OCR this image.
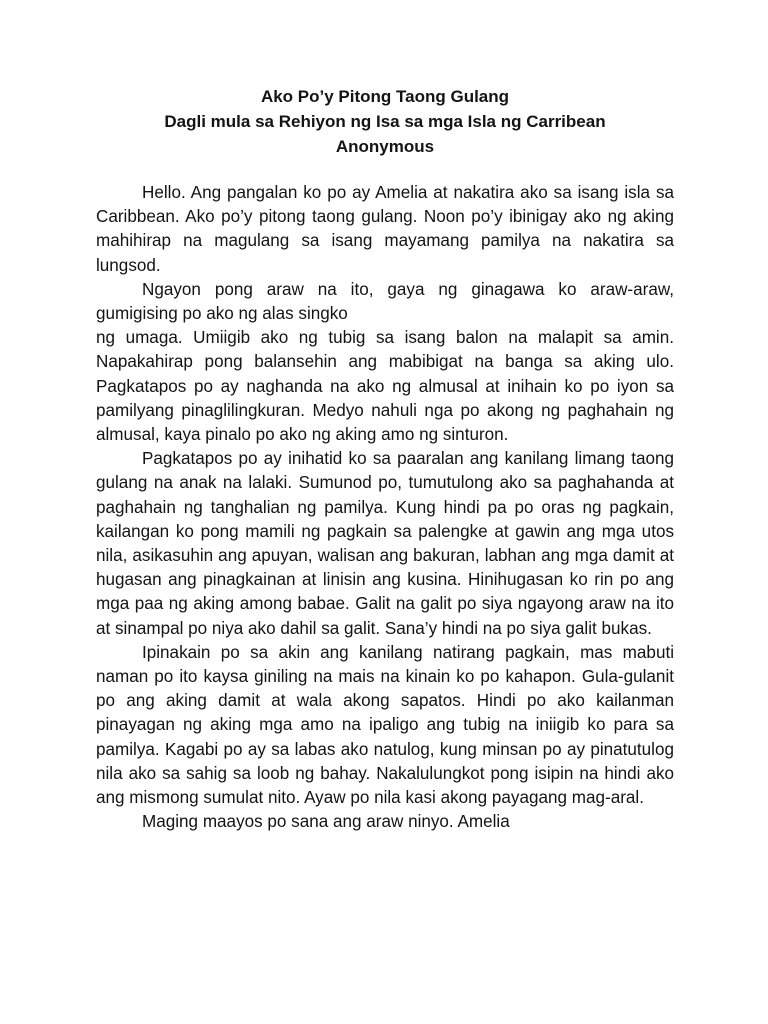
Ako Po’y Pitong Taong Gulang
Dagli mula sa Rehiyon ng Isa sa mga Isla ng Carribean
Anonymous

Hello. Ang pangalan ko po ay Amelia at nakatira ako sa isang isla sa Caribbean. Ako po’y pitong taong gulang. Noon po’y ibinigay ako ng aking mahihirap na magulang sa isang mayamang pamilya na nakatira sa lungsod.

Ngayon pong araw na ito, gaya ng ginagawa ko araw-araw, gumigising po ako ng alas singko

ng umaga. Umiigib ako ng tubig sa isang balon na malapit sa amin. Napakahirap pong balansehin ang mabibigat na banga sa aking ulo. Pagkatapos po ay naghanda na ako ng almusal at inihain ko po iyon sa pamilyang pinaglilingkuran. Medyo nahuli nga po akong ng paghahain ng almusal, kaya pinalo po ako ng aking amo ng sinturon.

Pagkatapos po ay inihatid ko sa paaralan ang kanilang limang taong gulang na anak na lalaki. Sumunod po, tumutulong ako sa paghahanda at paghahain ng tanghalian ng pamilya. Kung hindi pa po oras ng pagkain, kailangan ko pong mamili ng pagkain sa palengke at gawin ang mga utos nila, asikasuhin ang apuyan, walisan ang bakuran, labhan ang mga damit at hugasan ang pinagkainan at linisin ang kusina. Hinihugasan ko rin po ang mga paa ng aking among babae. Galit na galit po siya ngayong araw na ito at sinampal po niya ako dahil sa galit. Sana’y hindi na po siya galit bukas.

Ipinakain po sa akin ang kanilang natirang pagkain, mas mabuti naman po ito kaysa giniling na mais na kinain ko po kahapon. Gula-gulanit po ang aking damit at wala akong sapatos. Hindi po ako kailanman pinayagan ng aking mga amo na ipaligo ang tubig na iniigib ko para sa pamilya. Kagabi po ay sa labas ako natulog, kung minsan po ay pinatutulog nila ako sa sahig sa loob ng bahay. Nakalulungkot pong isipin na hindi ako ang mismong sumulat nito. Ayaw po nila kasi akong payagang mag-aral.

Maging maayos po sana ang araw ninyo. Amelia
